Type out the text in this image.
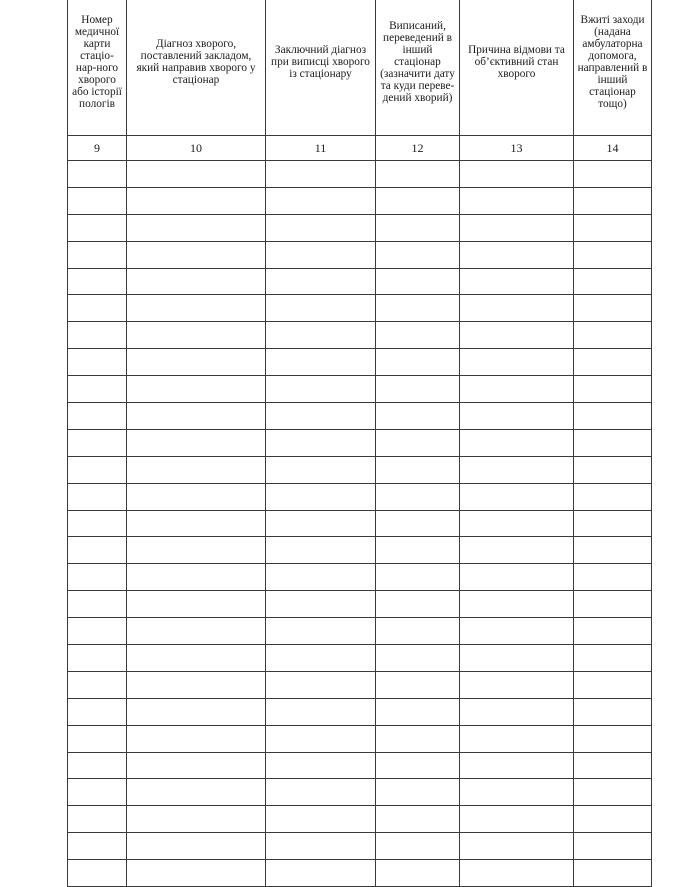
Номер медичної карти стаціо-нар-ного хворого або історії пологів	Діагноз хворого, поставлений закладом, який направив хворого у стаціонар	Заключний діагноз при виписці хворого із стаціонару	Виписаний, переведений в інший стаціонар (зазначити дату та куди переве-дений хворий)	Причина відмови та об’єктивний стан хворого	Вжиті заходи (надана амбулаторна допомога, направлений в інший стаціонар тощо)

9	10	11	12	13	14
